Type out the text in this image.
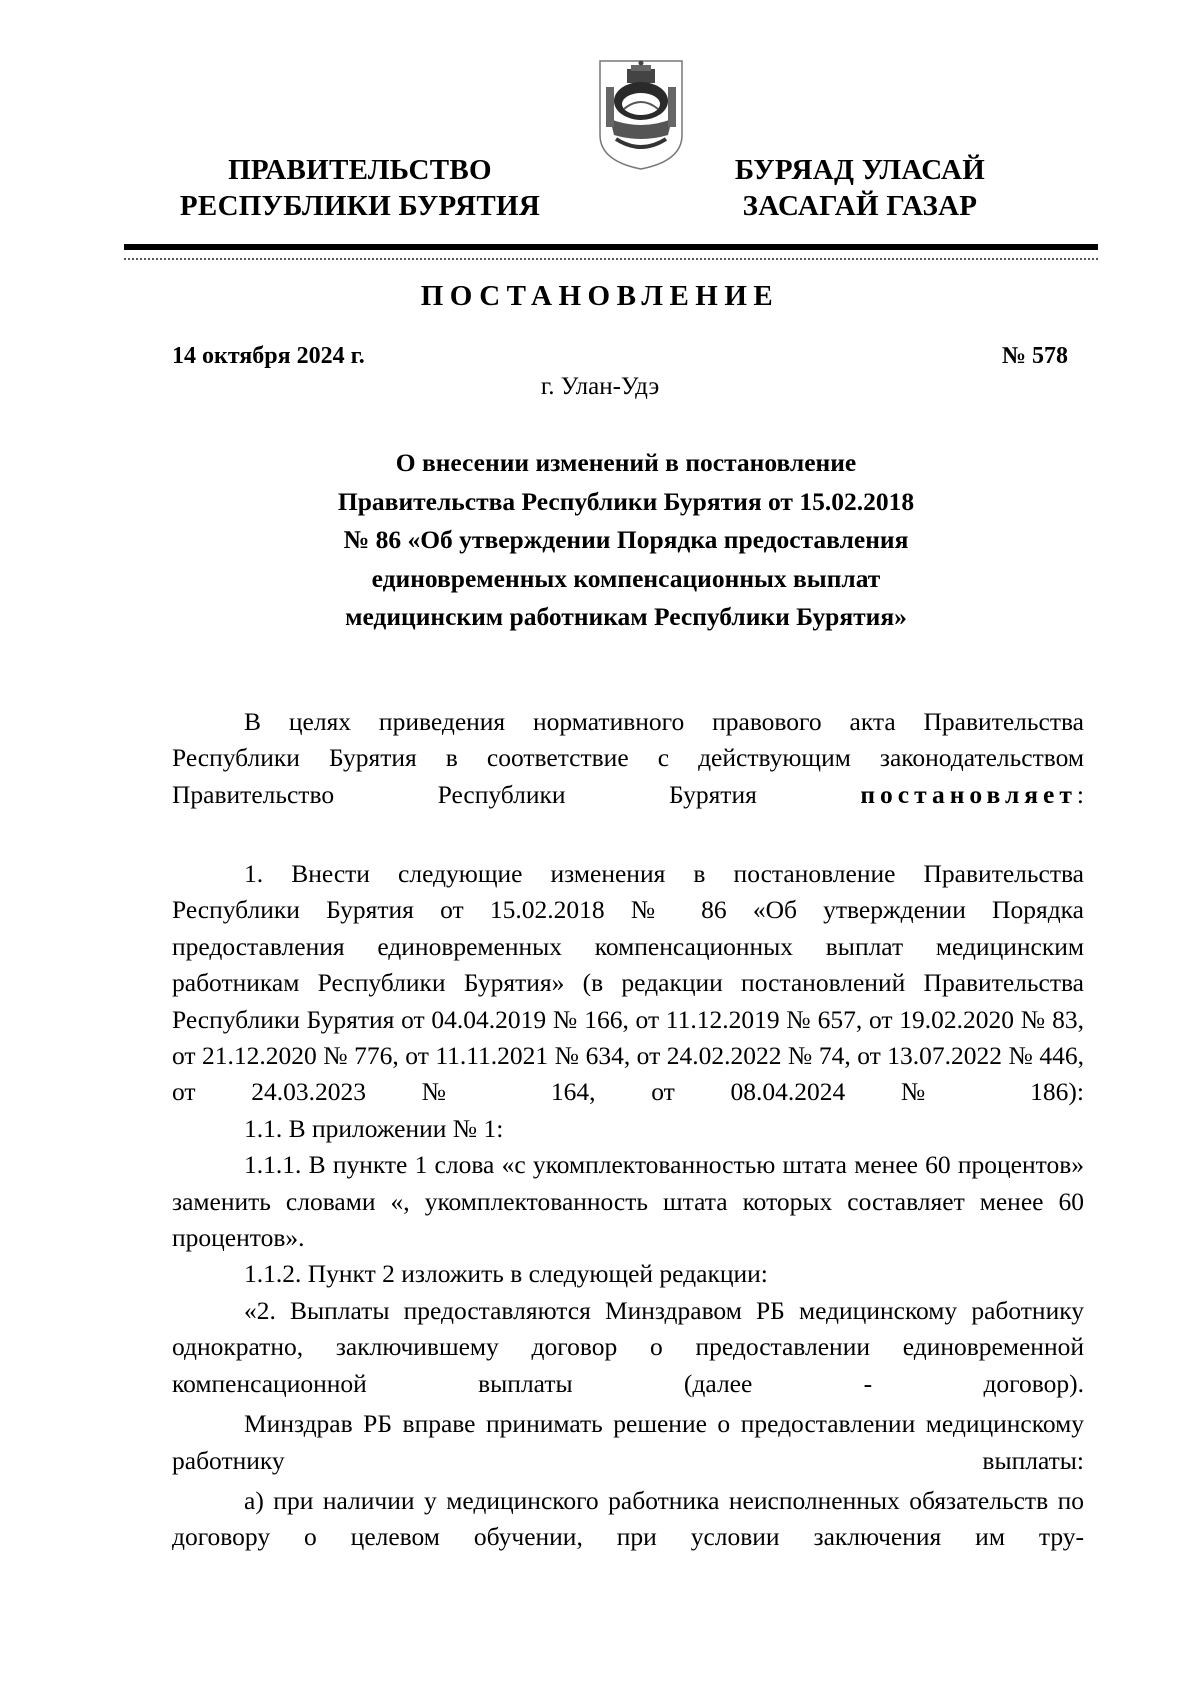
ПРАВИТЕЛЬСТВО
РЕСПУБЛИКИ БУРЯТИЯ
БУРЯАД УЛАСАЙ
ЗАСАГАЙ ГАЗАР
ПОСТАНОВЛЕНИЕ
14 октября 2024 г.	№ 578
г. Улан-Удэ
О внесении изменений в постановление
Правительства Республики Бурятия от 15.02.2018
№ 86 «Об утверждении Порядка предоставления
единовременных компенсационных выплат
медицинским работникам Республики Бурятия»
В целях приведения нормативного правового акта Правительства Республики Бурятия в соответствие с действующим законодательством Правительство Республики Бурятия постановляет:

1. Внести следующие изменения в постановление Правительства Республики Бурятия от 15.02.2018 № 86 «Об утверждении Порядка предоставления единовременных компенсационных выплат медицинским работникам Республики Бурятия» (в редакции постановлений Правительства Республики Бурятия от 04.04.2019 № 166, от 11.12.2019 № 657, от 19.02.2020 № 83, от 21.12.2020 № 776, от 11.11.2021 № 634, от 24.02.2022 № 74, от 13.07.2022 № 446, от 24.03.2023 № 164, от 08.04.2024 № 186):

1.1. В приложении № 1:

1.1.1. В пункте 1 слова «с укомплектованностью штата менее 60 процентов» заменить словами «, укомплектованность штата которых составляет менее 60 процентов».

1.1.2. Пункт 2 изложить в следующей редакции:

«2. Выплаты предоставляются Минздравом РБ медицинскому работнику однократно, заключившему договор о предоставлении единовременной компенсационной выплаты (далее - договор).

Минздрав РБ вправе принимать решение о предоставлении медицинскому работнику выплаты:

а) при наличии у медицинского работника неисполненных обязательств по договору о целевом обучении, при условии заключения им тру-
